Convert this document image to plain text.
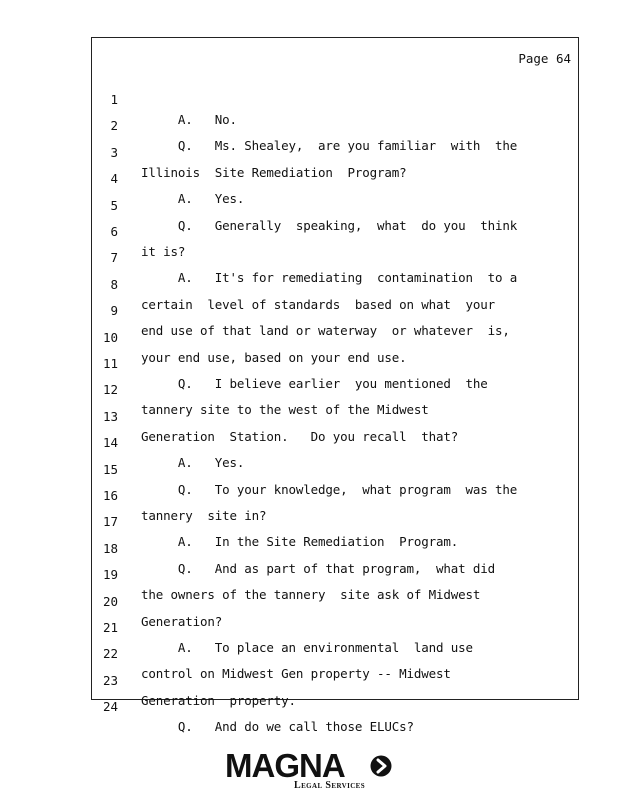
Page 64

1

A.   No.

2

Q.   Ms. Shealey,  are you familiar  with  the

3

Illinois  Site Remediation  Program?

4

A.   Yes.

5

Q.   Generally  speaking,  what  do you  think

6

it is?

7

A.   It's for remediating  contamination  to a

8

certain  level of standards  based on what  your

9

end use of that land or waterway  or whatever  is,

10

your end use, based on your end use.

11

Q.   I believe earlier  you mentioned  the

12

tannery site to the west of the Midwest

13

Generation  Station.   Do you recall  that?

14

A.   Yes.

15

Q.   To your knowledge,  what program  was the

16

tannery  site in?

17

A.   In the Site Remediation  Program.

18

Q.   And as part of that program,  what did

19

the owners of the tannery  site ask of Midwest

20

Generation?

21

A.   To place an environmental  land use

22

control on Midwest Gen property -- Midwest

23

Generation  property.

24

Q.   And do we call those ELUCs?

MAGNA
Legal Services
